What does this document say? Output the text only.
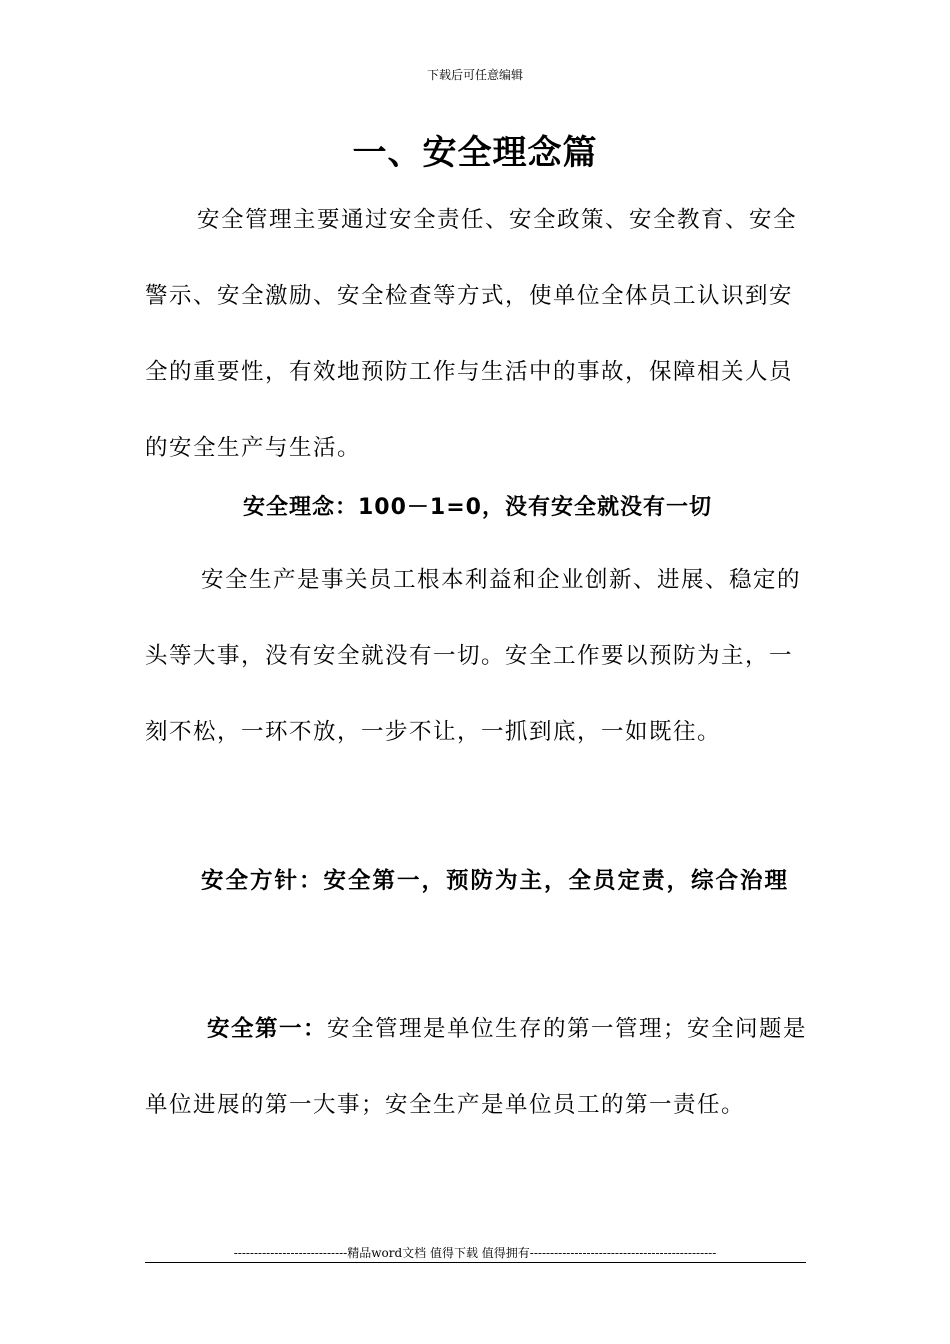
下载后可任意编辑
一、安全理念篇
安全管理主要通过安全责任、安全政策、安全教育、安全警示、安全激励、安全检查等方式，使单位全体员工认识到安全的重要性，有效地预防工作与生活中的事故，保障相关人员的安全生产与生活。
安全理念：100－1=0，没有安全就没有一切
安全生产是事关员工根本利益和企业创新、进展、稳定的头等大事，没有安全就没有一切。安全工作要以预防为主，一刻不松，一环不放，一步不让，一抓到底，一如既往。
安全方针：安全第一，预防为主，全员定责，综合治理
安全第一：安全管理是单位生存的第一管理；安全问题是单位进展的第一大事；安全生产是单位员工的第一责任。
----------------------------精品word文档 值得下载 值得拥有----------------------------------------------
